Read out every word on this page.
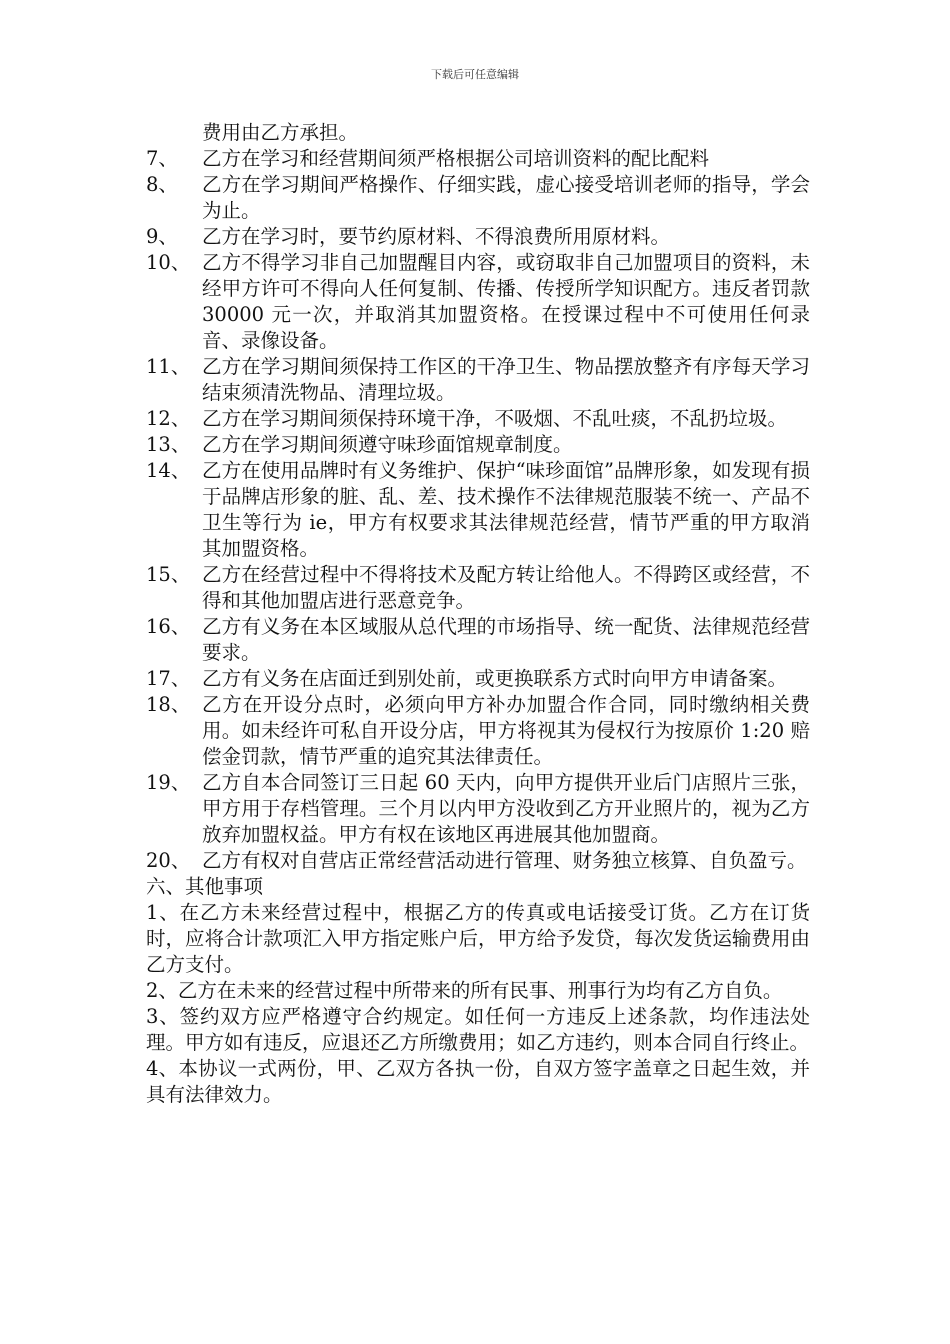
下载后可任意编辑
费用由乙方承担。
7、	乙方在学习和经营期间须严格根据公司培训资料的配比配料
8、	乙方在学习期间严格操作、仔细实践，虚心接受培训老师的指导，学会为止。
9、	乙方在学习时，要节约原材料、不得浪费所用原材料。
10、 乙方不得学习非自己加盟醒目内容，或窃取非自己加盟项目的资料，未经甲方许可不得向人任何复制、传播、传授所学知识配方。违反者罚款 30000 元一次，并取消其加盟资格。在授课过程中不可使用任何录音、录像设备。
11、 乙方在学习期间须保持工作区的干净卫生、物品摆放整齐有序每天学习结束须清洗物品、清理垃圾。
12、 乙方在学习期间须保持环境干净，不吸烟、不乱吐痰，不乱扔垃圾。
13、 乙方在学习期间须遵守味珍面馆规章制度。
14、 乙方在使用品牌时有义务维护、保护“味珍面馆”品牌形象，如发现有损于品牌店形象的脏、乱、差、技术操作不法律规范服装不统一、产品不卫生等行为 ie，甲方有权要求其法律规范经营，情节严重的甲方取消其加盟资格。
15、 乙方在经营过程中不得将技术及配方转让给他人。不得跨区或经营，不得和其他加盟店进行恶意竞争。
16、 乙方有义务在本区域服从总代理的市场指导、统一配货、法律规范经营要求。
17、 乙方有义务在店面迁到别处前，或更换联系方式时向甲方申请备案。
18、 乙方在开设分点时，必须向甲方补办加盟合作合同，同时缴纳相关费用。如未经许可私自开设分店，甲方将视其为侵权行为按原价 1:20 赔偿金罚款，情节严重的追究其法律责任。
19、 乙方自本合同签订三日起 60 天内，向甲方提供开业后门店照片三张，甲方用于存档管理。三个月以内甲方没收到乙方开业照片的，视为乙方放弃加盟权益。甲方有权在该地区再进展其他加盟商。
20、 乙方有权对自营店正常经营活动进行管理、财务独立核算、自负盈亏。
六、其他事项
1、在乙方未来经营过程中，根据乙方的传真或电话接受订货。乙方在订货时，应将合计款项汇入甲方指定账户后，甲方给予发贷，每次发货运输费用由乙方支付。
2、乙方在未来的经营过程中所带来的所有民事、刑事行为均有乙方自负。
3、签约双方应严格遵守合约规定。如任何一方违反上述条款，均作违法处理。甲方如有违反，应退还乙方所缴费用；如乙方违约，则本合同自行终止。
4、本协议一式两份，甲、乙双方各执一份，自双方签字盖章之日起生效，并具有法律效力。
